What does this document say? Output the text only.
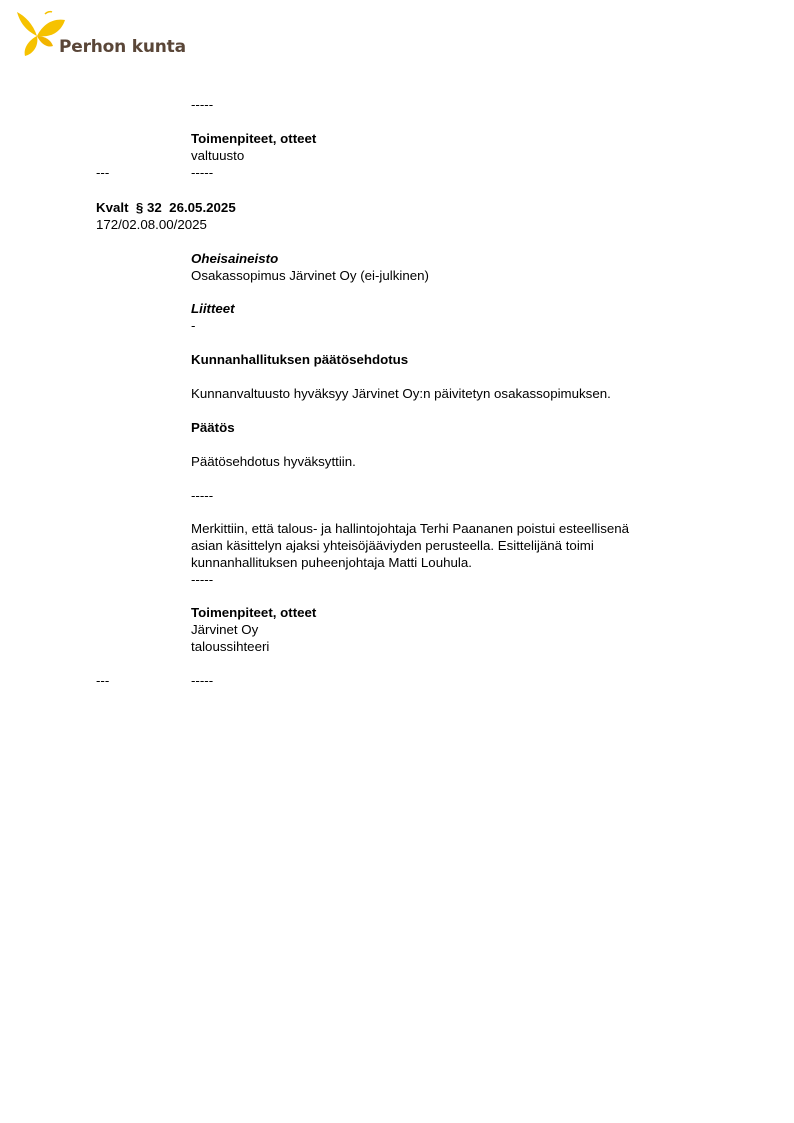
Perhon kunta
-----
Toimenpiteet, otteet
valtuusto
---	-----
Kvalt  § 32  26.05.2025
172/02.08.00/2025
Oheisaineisto
Osakassopimus Järvinet Oy (ei-julkinen)
Liitteet
-
Kunnanhallituksen päätösehdotus
Kunnanvaltuusto hyväksyy Järvinet Oy:n päivitetyn osakassopimuksen.
Päätös
Päätösehdotus hyväksyttiin.
-----
Merkittiin, että talous- ja hallintojohtaja Terhi Paananen poistui esteellisenä
asian käsittelyn ajaksi yhteisöjääviyden perusteella. Esittelijänä toimi
kunnanhallituksen puheenjohtaja Matti Louhula.
-----
Toimenpiteet, otteet
Järvinet Oy
taloussihteeri
---	-----
